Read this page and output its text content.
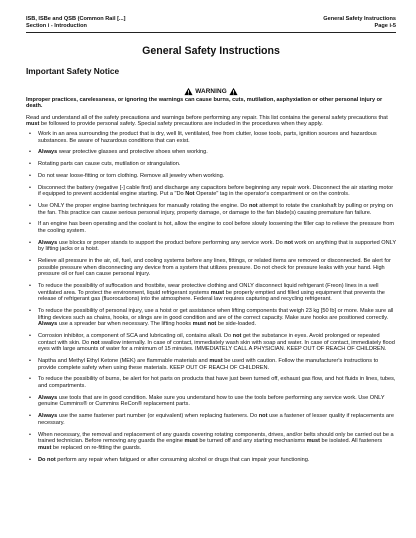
ISB, ISBe and QSB (Common Rail [...]
Section i - Introduction
General Safety Instructions
Page i-5
General Safety Instructions
Important Safety Notice
WARNING
Improper practices, carelessness, or ignoring the warnings can cause burns, cuts, mutilation, asphyxiation or other personal injury or death.
Read and understand all of the safety precautions and warnings before performing any repair. This list contains the general safety precautions that must be followed to provide personal safety. Special safety precautions are included in the procedures when they apply.
• Work in an area surrounding the product that is dry, well lit, ventilated, free from clutter, loose tools, parts, ignition sources and hazardous substances. Be aware of hazardous conditions that can exist.
• Always wear protective glasses and protective shoes when working.
• Rotating parts can cause cuts, mutilation or strangulation.
• Do not wear loose-fitting or torn clothing. Remove all jewelry when working.
• Disconnect the battery (negative [-] cable first) and discharge any capacitors before beginning any repair work. Disconnect the air starting motor if equipped to prevent accidental engine starting. Put a "Do Not Operate" tag in the operator's compartment or on the controls.
• Use ONLY the proper engine barring techniques for manually rotating the engine. Do not attempt to rotate the crankshaft by pulling or prying on the fan. This practice can cause serious personal injury, property damage, or damage to the fan blade(s) causing premature fan failure.
• If an engine has been operating and the coolant is hot, allow the engine to cool before slowly loosening the filler cap to relieve the pressure from the cooling system.
• Always use blocks or proper stands to support the product before performing any service work. Do not work on anything that is supported ONLY by lifting jacks or a hoist.
• Relieve all pressure in the air, oil, fuel, and cooling systems before any lines, fittings, or related items are removed or disconnected. Be alert for possible pressure when disconnecting any device from a system that utilizes pressure. Do not check for pressure leaks with your hand. High pressure oil or fuel can cause personal injury.
• To reduce the possibility of suffocation and frostbite, wear protective clothing and ONLY disconnect liquid refrigerant (Freon) lines in a well ventilated area. To protect the environment, liquid refrigerant systems must be properly emptied and filled using equipment that prevents the release of refrigerant gas (fluorocarbons) into the atmosphere. Federal law requires capturing and recycling refrigerant.
• To reduce the possibility of personal injury, use a hoist or get assistance when lifting components that weigh 23 kg [50 lb] or more. Make sure all lifting devices such as chains, hooks, or slings are in good condition and are of the correct capacity. Make sure hooks are positioned correctly. Always use a spreader bar when necessary. The lifting hooks must not be side-loaded.
• Corrosion inhibitor, a component of SCA and lubricating oil, contains alkali. Do not get the substance in eyes. Avoid prolonged or repeated contact with skin. Do not swallow internally. In case of contact, immediately wash skin with soap and water. In case of contact, immediately flood eyes with large amounts of water for a minimum of 15 minutes. IMMEDIATELY CALL A PHYSICIAN. KEEP OUT OF REACH OF CHILDREN.
• Naptha and Methyl Ethyl Ketone (MEK) are flammable materials and must be used with caution. Follow the manufacturer's instructions to provide complete safety when using these materials. KEEP OUT OF REACH OF CHILDREN.
• To reduce the possibility of burns, be alert for hot parts on products that have just been turned off, exhaust gas flow, and hot fluids in lines, tubes, and compartments.
• Always use tools that are in good condition. Make sure you understand how to use the tools before performing any service work. Use ONLY genuine Cummins® or Cummins ReCon® replacement parts.
• Always use the same fastener part number (or equivalent) when replacing fasteners. Do not use a fastener of lesser quality if replacements are necessary.
• When necessary, the removal and replacement of any guards covering rotating components, drives, and/or belts should only be carried out be a trained technician. Before removing any guards the engine must be turned off and any starting mechanisms must be isolated. All fasteners must be replaced on re-fitting the guards.
• Do not perform any repair when fatigued or after consuming alcohol or drugs that can impair your functioning.
